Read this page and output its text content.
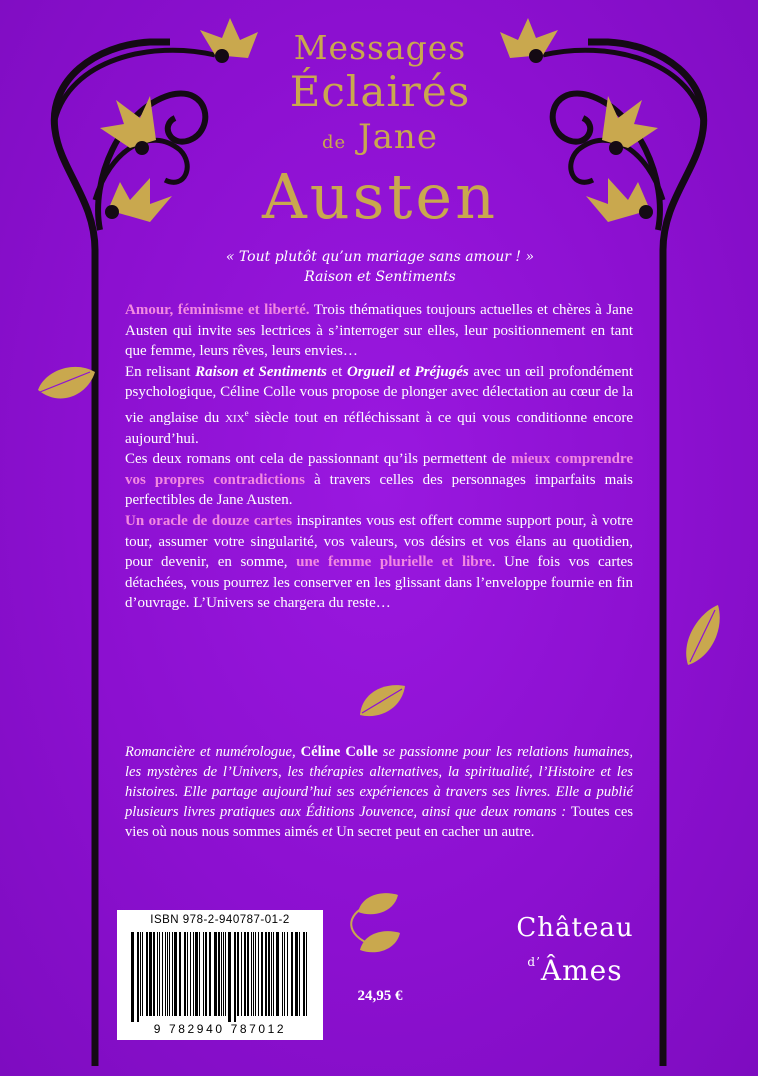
Messages
Éclairés
de Jane
Austen
« Tout plutôt qu’un mariage sans amour ! »
Raison et Sentiments

Amour, féminisme et liberté. Trois thématiques toujours actuelles et chères à Jane Austen qui invite ses lectrices à s’interroger sur elles, leur positionnement en tant que femme, leurs rêves, leurs envies…

En relisant Raison et Sentiments et Orgueil et Préjugés avec un œil profondément psychologique, Céline Colle vous propose de plonger avec délectation au cœur de la vie anglaise du xix$^e$ siècle tout en réfléchissant à ce qui vous conditionne encore aujourd’hui.

Ces deux romans ont cela de passionnant qu’ils permettent de mieux comprendre vos propres contradictions à travers celles des personnages imparfaits mais perfectibles de Jane Austen.

Un oracle de douze cartes inspirantes vous est offert comme support pour, à votre tour, assumer votre singularité, vos valeurs, vos désirs et vos élans au quotidien, pour devenir, en somme, une femme plurielle et libre. Une fois vos cartes détachées, vous pourrez les conserver en les glissant dans l’enveloppe fournie en fin d’ouvrage. L’Univers se chargera du reste…

Romancière et numérologue, Céline Colle se passionne pour les relations humaines, les mystères de l’Univers, les thérapies alternatives, la spiritualité, l’Histoire et les histoires. Elle partage aujourd’hui ses expériences à travers ses livres. Elle a publié plusieurs livres pratiques aux Éditions Jouvence, ainsi que deux romans : Toutes ces vies où nous nous sommes aimés et Un secret peut en cacher un autre.
ISBN 978-2-940787-01-2
9 782940 787012
24,95 €
Château
$^{d’}$Âmes
